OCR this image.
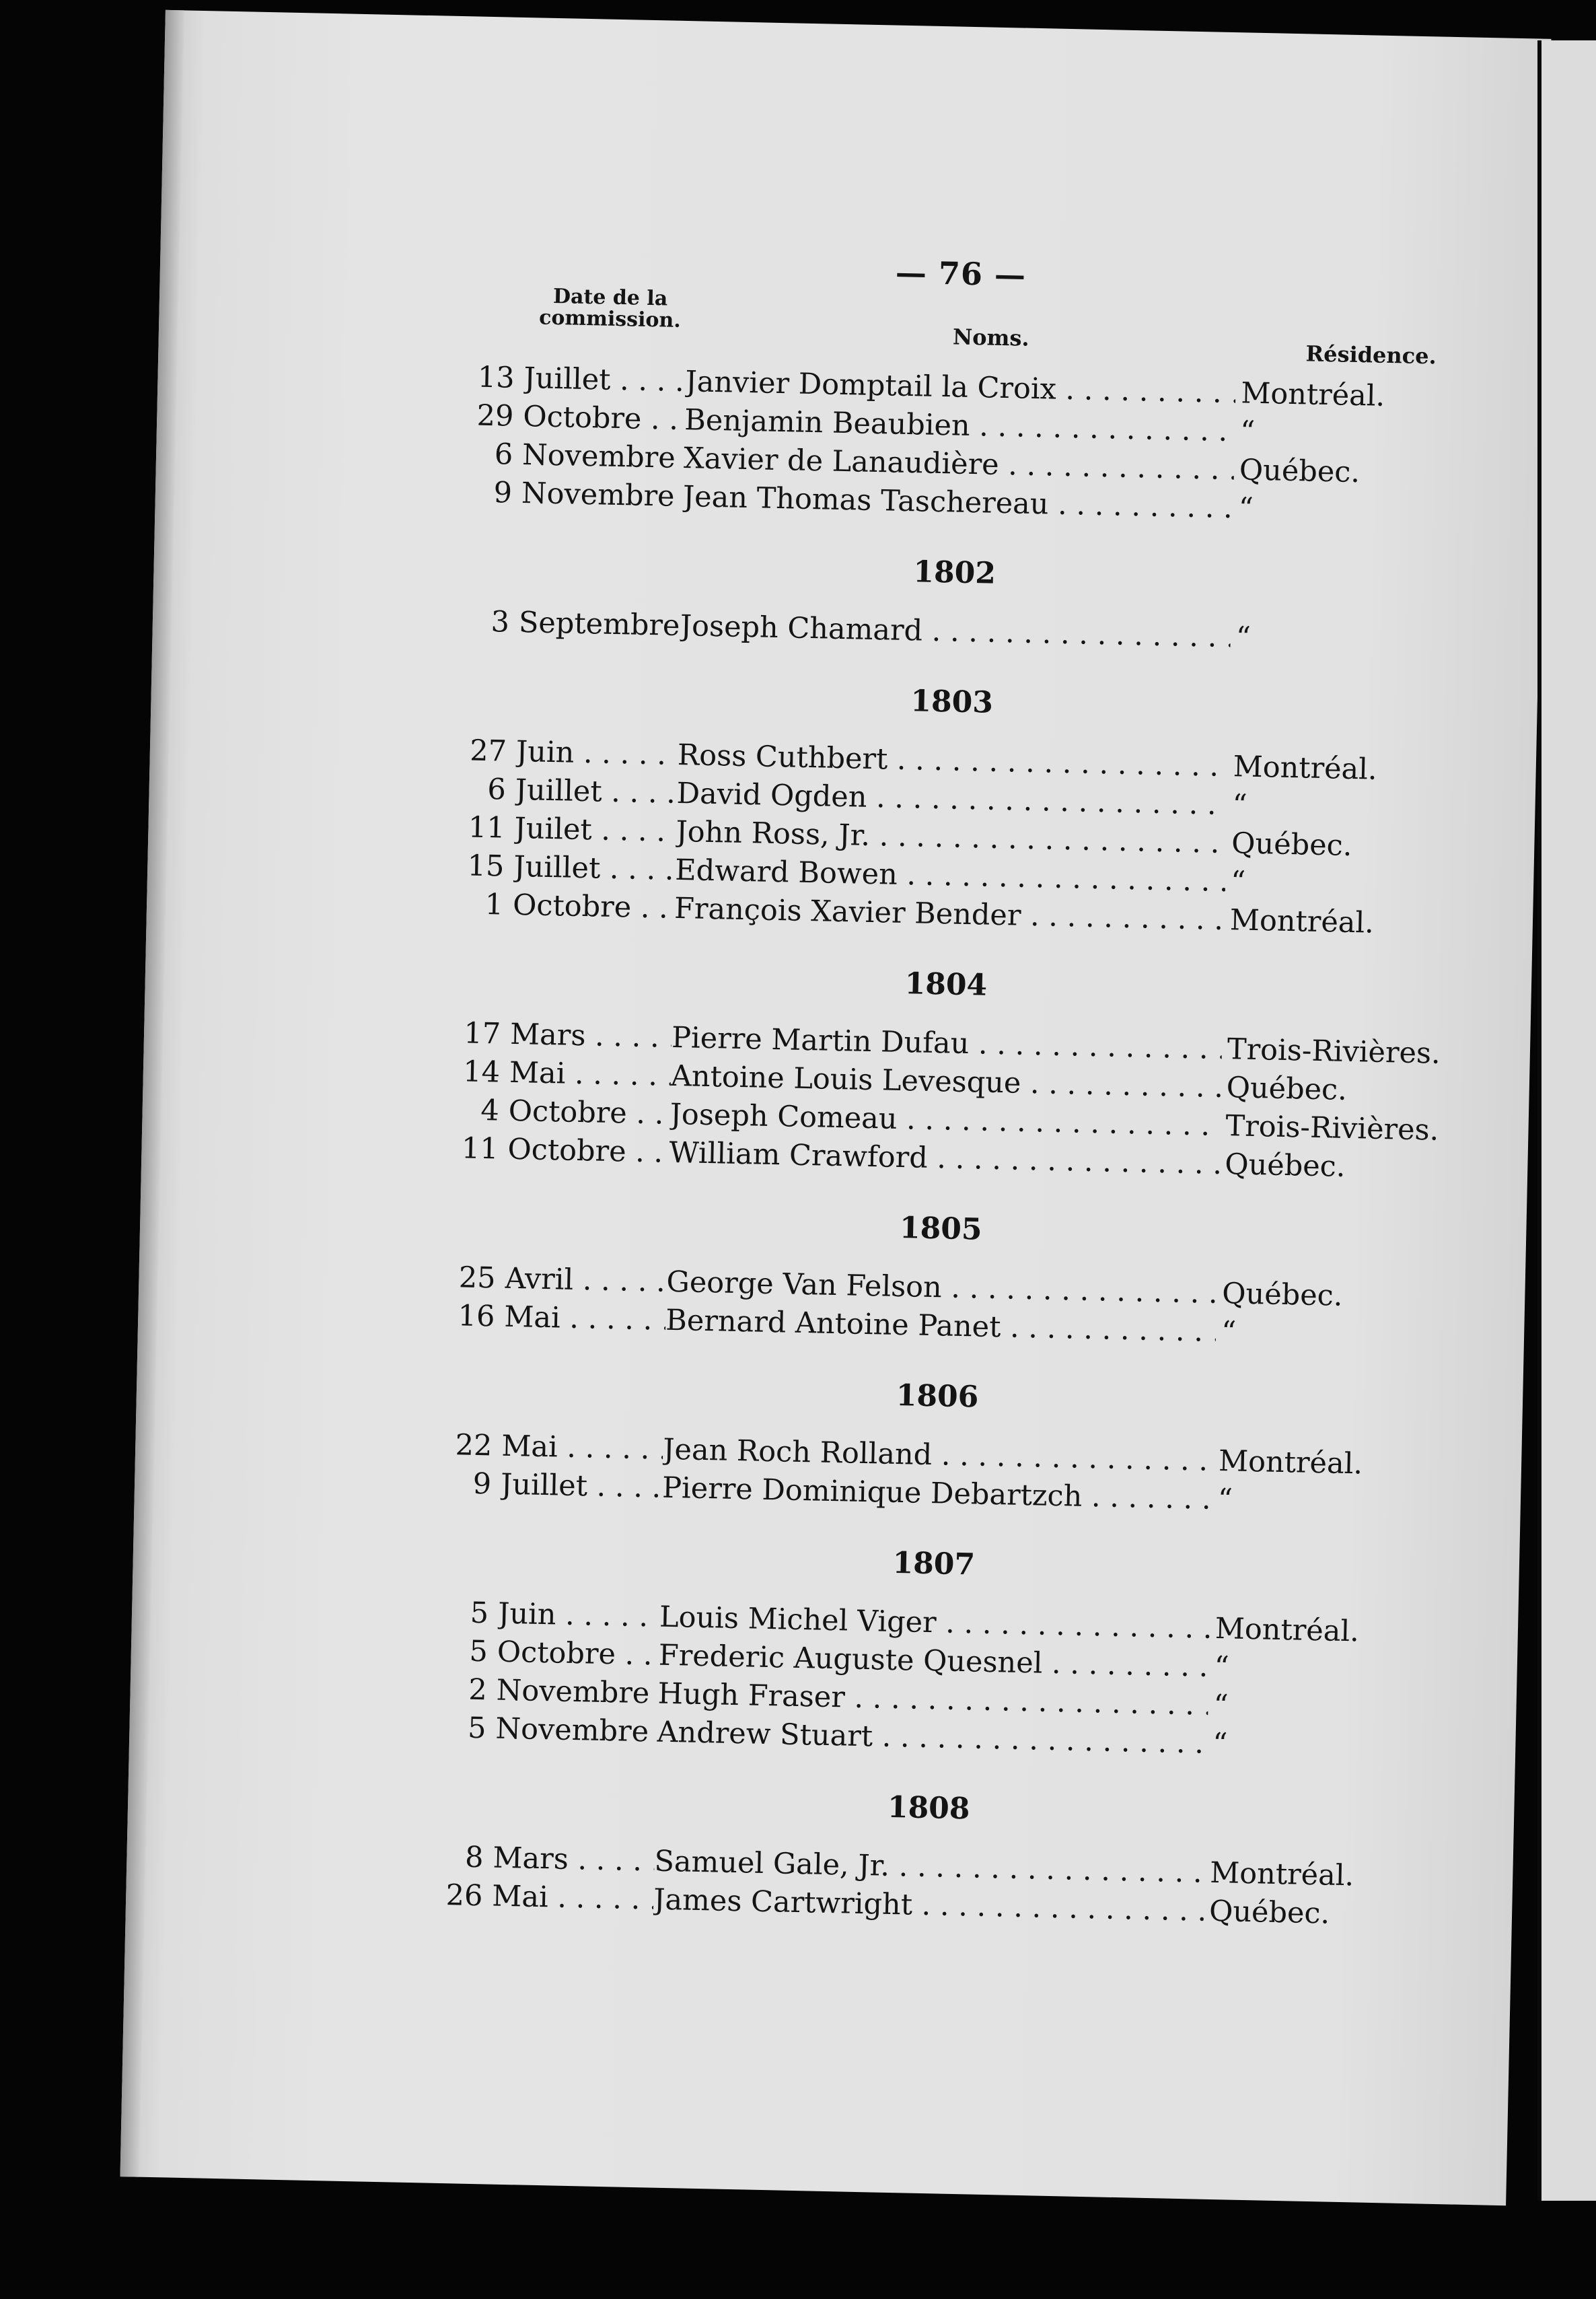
— 76 —
Date de la commission.
Noms.
Résidence.
13 Juillet . . .	Janvier Domptail la Croix . . .	Montréal.
29 Octobre . . .	Benjamin Beaubien . . .	“
6 Novembre . . . Xavier de Lanaudière . . .	Québec.
9 Novembre . . . Jean Thomas Taschereau . . .	“
1802
3 Septembre . . . Joseph Chamard . . .	“
1803
27 Juin . . .	Ross Cuthbert . . .	Montréal.
6 Juillet . . .	David Ogden . . .	“
11 Juilet . . .	John Ross, Jr. . . .	Québec.
15 Juillet . . .	Edward Bowen . . .	“
1 Octobre . . .	François Xavier Bender . . .	Montréal.
1804
17 Mars . . .	Pierre Martin Dufau . . .	Trois-Rivières.
14 Mai . . .	Antoine Louis Levesque . . .	Québec.
4 Octobre . . .	Joseph Comeau . . .	Trois-Rivières.
11 Octobre . . .	William Crawford . . .	Québec.
1805
25 Avril . . .	George Van Felson . . .	Québec.
16 Mai . . .	Bernard Antoine Panet . . .	“
1806
22 Mai . . .	Jean Roch Rolland . . .	Montréal.
9 Juillet . . .	Pierre Dominique Debartzch . . .	“
1807
5 Juin . . .	Louis Michel Viger . . .	Montréal.
5 Octobre . . .	Frederic Auguste Quesnel . . .	“
2 Novembre . . . Hugh Fraser . . .	“
5 Novembre . . . Andrew Stuart . . .	“
1808
8 Mars . . .	Samuel Gale, Jr. . . .	Montréal.
26 Mai . . .	James Cartwright . . .	Québec.
